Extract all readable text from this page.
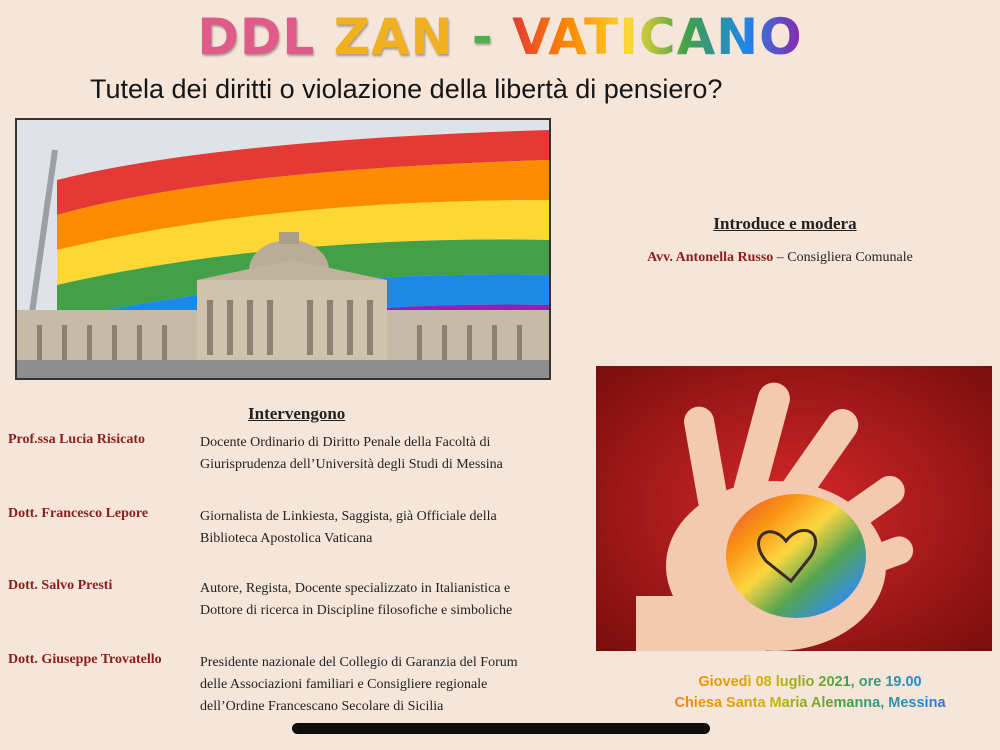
DDL ZAN - VATICANO
Tutela dei diritti o violazione della libertà di pensiero?
Introduce e modera
Avv. Antonella Russo – Consigliera Comunale
Intervengono
Prof.ssa Lucia Risicato	Docente Ordinario di Diritto Penale della Facoltà di
Giurisprudenza dell’Università degli Studi di Messina
Dott. Francesco Lepore	Giornalista de Linkiesta, Saggista, già Officiale della
Biblioteca Apostolica Vaticana
Dott. Salvo Presti	Autore, Regista, Docente specializzato in Italianistica e
Dottore di ricerca in Discipline filosofiche e simboliche
Dott. Giuseppe Trovatello	Presidente nazionale del Collegio di Garanzia del Forum
delle Associazioni familiari e Consigliere regionale
dell’Ordine Francescano Secolare di Sicilia
Giovedì 08 luglio 2021, ore 19.00
Chiesa Santa Maria Alemanna, Messina
